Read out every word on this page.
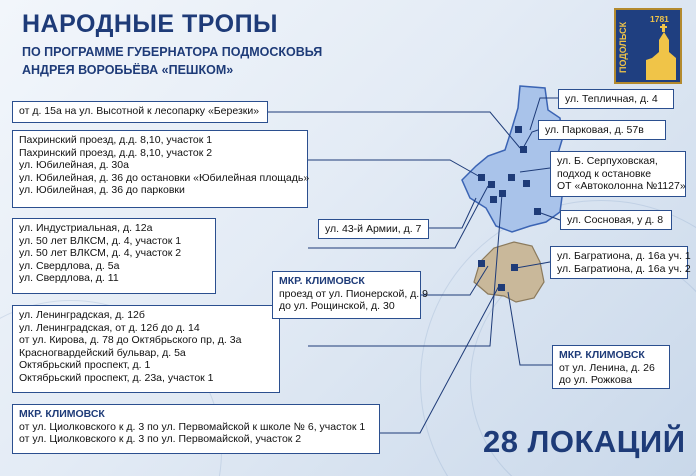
НАРОДНЫЕ ТРОПЫ
ПО ПРОГРАММЕ ГУБЕРНАТОРА ПОДМОСКОВЬЯ
АНДРЕЯ ВОРОБЬЁВА «ПЕШКОМ»	ПОДОЛЬСК
1781
от д. 15а на ул. Высотной к лесопарку «Березки»
Пахринский проезд, д.д. 8,10, участок 1
Пахринский проезд, д.д. 8,10, участок 2
ул. Юбилейная, д. 30а
ул. Юбилейная, д. 36 до остановки «Юбилейная площадь»
ул. Юбилейная, д. 36 до парковки
ул. Индустриальная, д. 12а
ул. 50 лет ВЛКСМ, д. 4, участок 1
ул. 50 лет ВЛКСМ, д. 4, участок 2
ул. Свердлова, д. 5а
ул. Свердлова, д. 11
ул. Ленинградская, д. 12б
ул. Ленинградская, от д. 12б до д. 14
от ул. Кирова, д. 78 до Октябрьского пр, д. 3а
Красногвардейский бульвар, д. 5а
Октябрьский проспект, д. 1
Октябрьский проспект, д. 23а, участок 1
МКР. КЛИМОВСК
от ул. Циолковского к д. 3 по ул. Первомайской к школе № 6, участок 1
от ул. Циолковского к д. 3 по ул. Первомайской, участок 2
ул. 43-й Армии, д. 7
МКР. КЛИМОВСК
проезд от ул. Пионерской, д. 9
до ул. Рощинской, д. 30
ул. Тепличная, д. 4
ул. Парковая, д. 57в
ул. Б. Серпуховская,
подход к остановке
ОТ «Автоколонна №1127»
ул. Сосновая, у д. 8
ул. Багратиона, д. 16а уч. 1
ул. Багратиона, д. 16а уч. 2
МКР. КЛИМОВСК
от ул. Ленина, д. 26
до ул. Рожкова
28 ЛОКАЦИЙ
